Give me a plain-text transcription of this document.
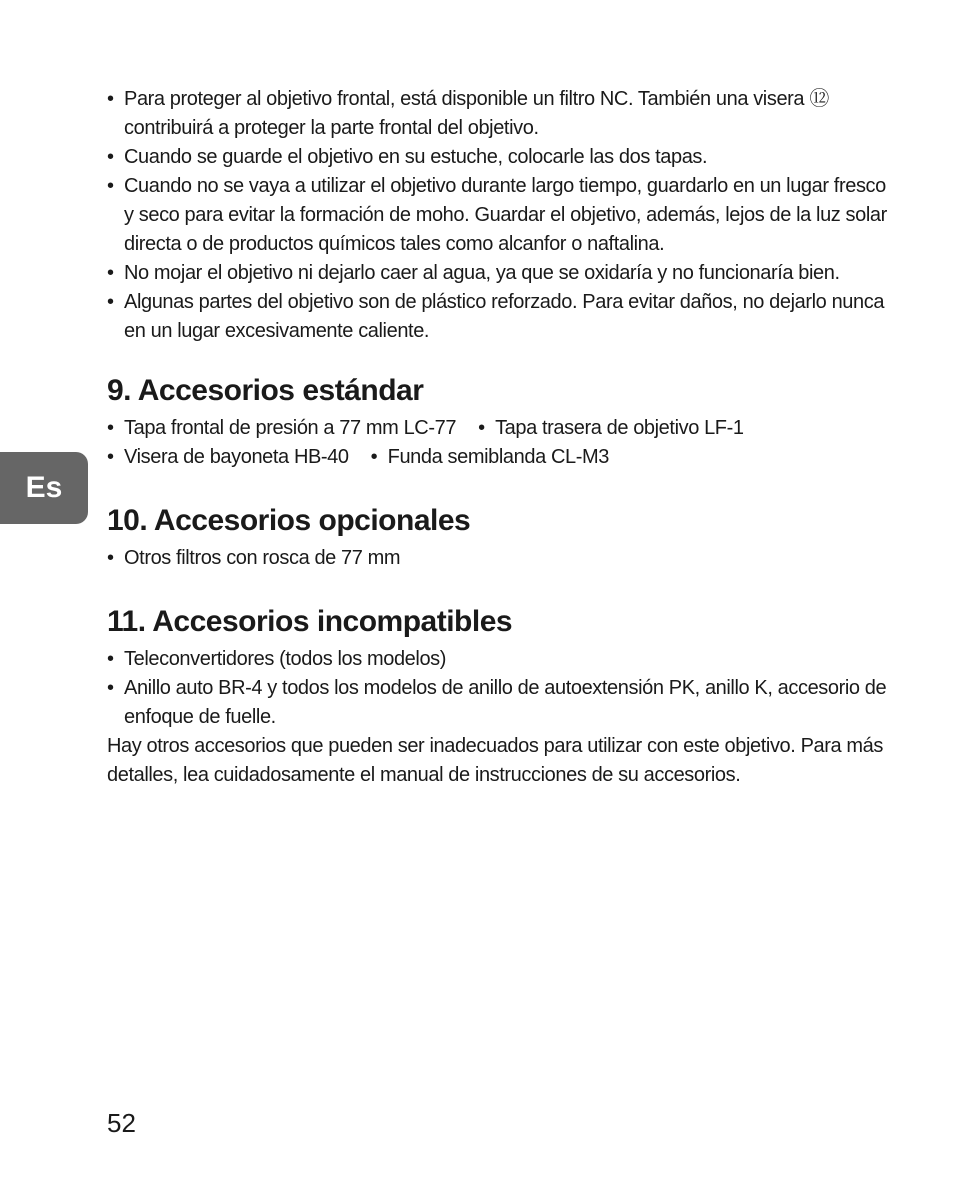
Es
• Para proteger al objetivo frontal, está disponible un filtro NC. También una visera ⑫ contribuirá a proteger la parte frontal del objetivo.
• Cuando se guarde el objetivo en su estuche, colocarle las dos tapas.
• Cuando no se vaya a utilizar el objetivo durante largo tiempo, guardarlo en un lugar fresco y seco para evitar la formación de moho. Guardar el objetivo, además, lejos de la luz solar directa o de productos químicos tales como alcanfor o naftalina.
• No mojar el objetivo ni dejarlo caer al agua, ya que se oxidaría y no funcionaría bien.
• Algunas partes del objetivo son de plástico reforzado. Para evitar daños, no dejarlo nunca en un lugar excesivamente caliente.
9. Accesorios estándar
• Tapa frontal de presión a 77 mm LC-77	• Tapa trasera de objetivo LF-1
• Visera de bayoneta HB-40	• Funda semiblanda CL-M3
10. Accesorios opcionales
• Otros filtros con rosca de 77 mm
11. Accesorios incompatibles
• Teleconvertidores (todos los modelos)
• Anillo auto BR-4 y todos los modelos de anillo de autoextensión PK, anillo K, accesorio de enfoque de fuelle.

Hay otros accesorios que pueden ser inadecuados para utilizar con este objetivo. Para más detalles, lea cuidadosamente el manual de instrucciones de su accesorios.

52
